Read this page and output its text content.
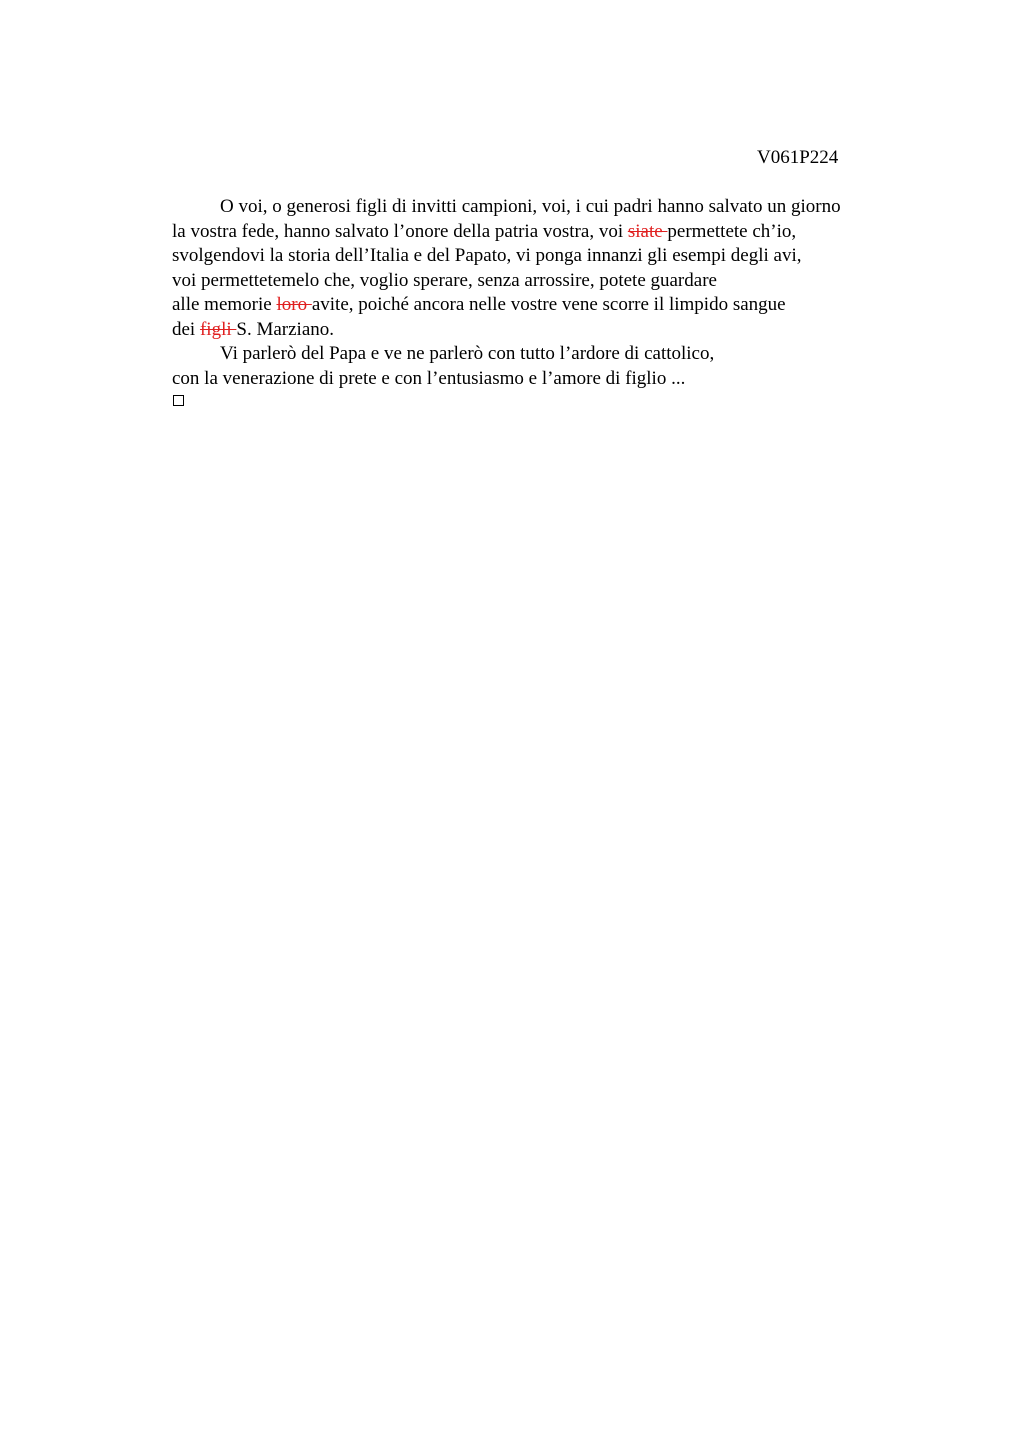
V061P224
O voi, o generosi figli di invitti campioni, voi, i cui padri hanno salvato un giorno
la vostra fede, hanno salvato l’onore della patria vostra, voi siate permettete ch’io,
svolgendovi la storia dell’Italia e del Papato, vi ponga innanzi gli esempi degli avi,
voi permettetemelo che, voglio sperare, senza arrossire, potete guardare
alle memorie loro avite, poiché ancora nelle vostre vene scorre il limpido sangue
dei figli S. Marziano.
Vi parlerò del Papa e ve ne parlerò con tutto l’ardore di cattolico,
con la venerazione di prete e con l’entusiasmo e l’amore di figlio ...
